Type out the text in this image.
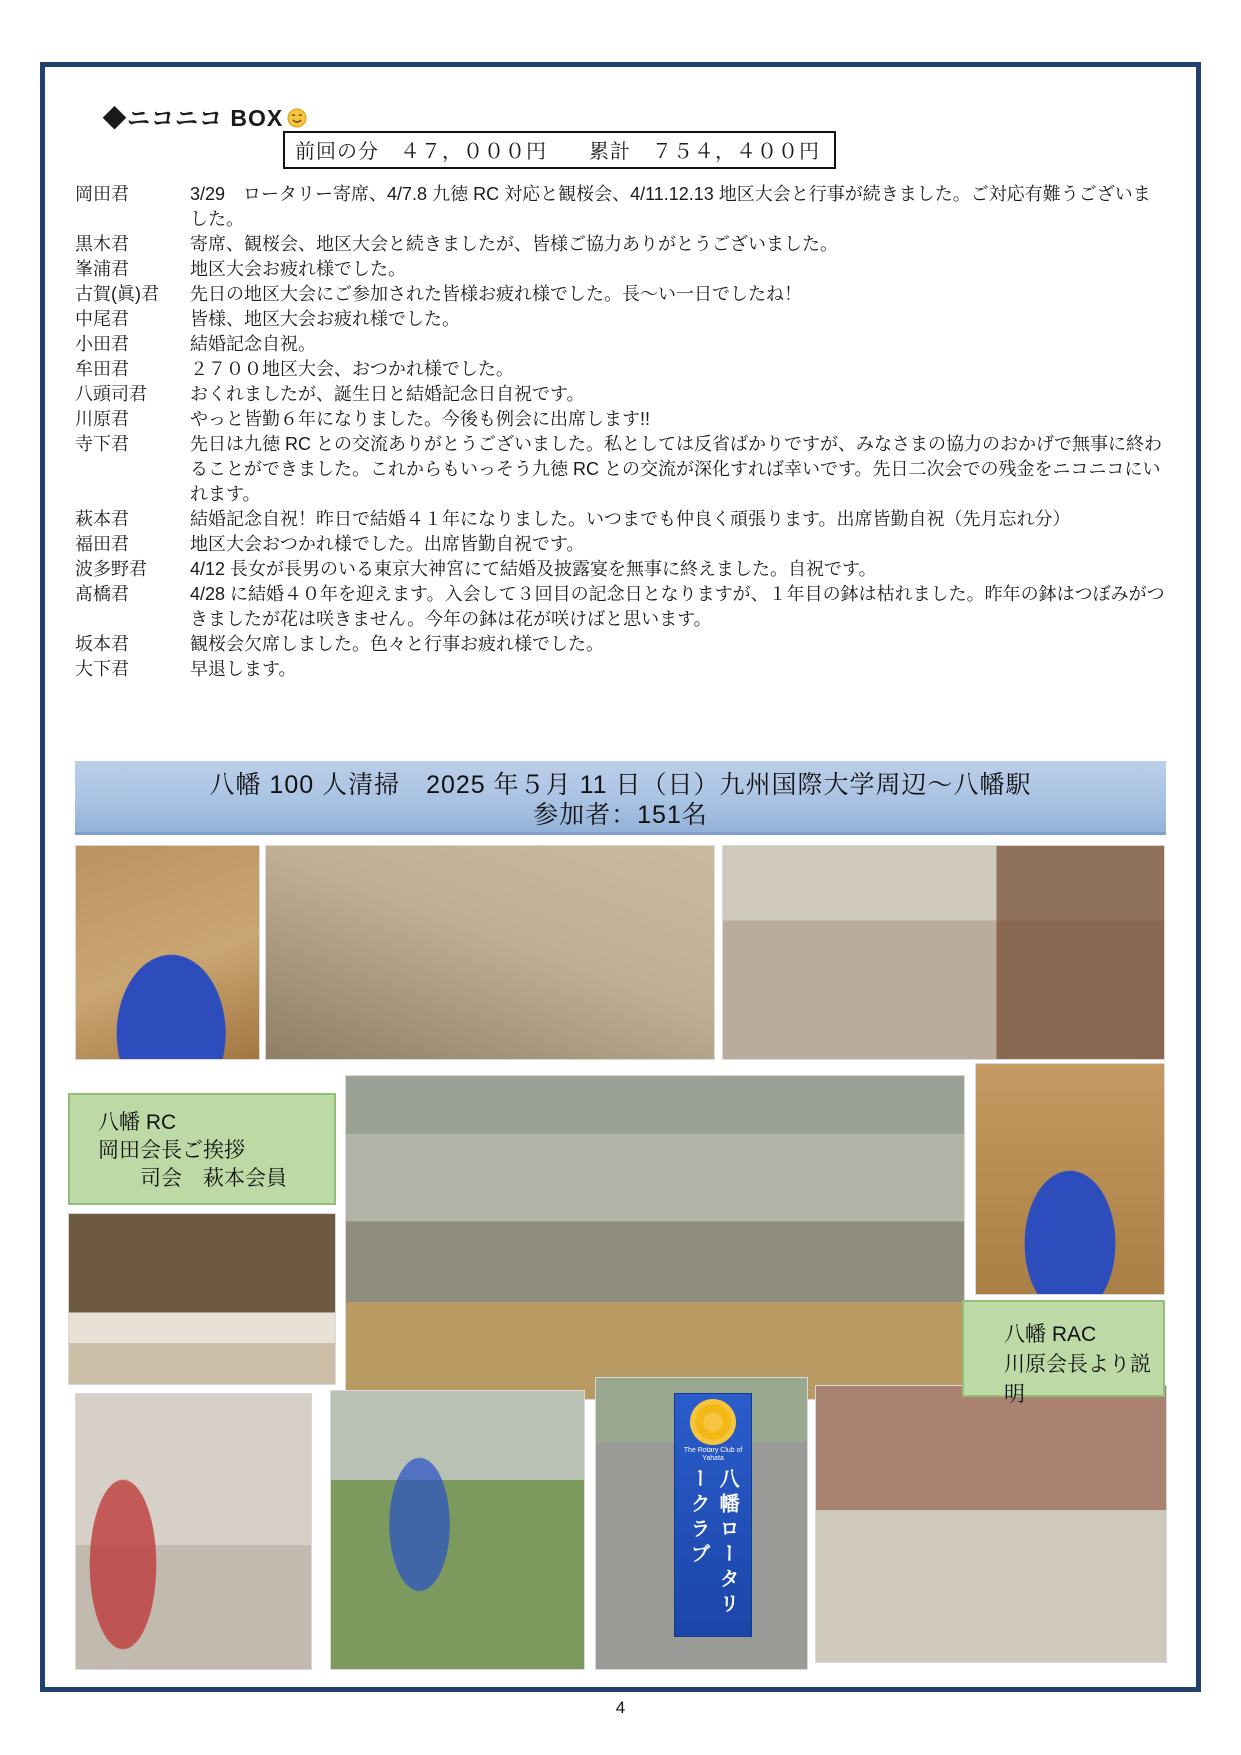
◆ニコニコ BOX
前回の分　４７，０００円　　累計　７５４，４００円
岡田君	3/29　ロータリー寄席、4/7.8 九徳 RC 対応と観桜会、4/11.12.13 地区大会と行事が続きました。ご対応有難うございました。
黒木君	寄席、観桜会、地区大会と続きましたが、皆様ご協力ありがとうございました。
峯浦君	地区大会お疲れ様でした。
古賀(眞)君	先日の地区大会にご参加された皆様お疲れ様でした。長～い一日でしたね！
中尾君	皆様、地区大会お疲れ様でした。
小田君	結婚記念自祝。
牟田君	２７００地区大会、おつかれ様でした。
八頭司君	おくれましたが、誕生日と結婚記念日自祝です。
川原君	やっと皆勤６年になりました。今後も例会に出席します!!
寺下君	先日は九徳 RC との交流ありがとうございました。私としては反省ばかりですが、みなさまの協力のおかげで無事に終わることができました。これからもいっそう九徳 RC との交流が深化すれば幸いです。先日二次会での残金をニコニコにいれます。
萩本君	結婚記念自祝！昨日で結婚４１年になりました。いつまでも仲良く頑張ります。出席皆勤自祝（先月忘れ分）
福田君	地区大会おつかれ様でした。出席皆勤自祝です。
波多野君	4/12 長女が長男のいる東京大神宮にて結婚及披露宴を無事に終えました。自祝です。
髙橋君	4/28 に結婚４０年を迎えます。入会して３回目の記念日となりますが、１年目の鉢は枯れました。昨年の鉢はつぼみがつきましたが花は咲きません。今年の鉢は花が咲けばと思います。
坂本君	観桜会欠席しました。色々と行事お疲れ様でした。
大下君	早退します。
八幡 100 人清掃　2025 年５月 11 日（日）九州国際大学周辺～八幡駅
参加者：151名
The Rotary Club of Yahata
八幡ロータリークラブ
八幡 RC
岡田会長ご挨拶
　　司会　萩本会員
八幡 RAC
川原会長より説明
4
